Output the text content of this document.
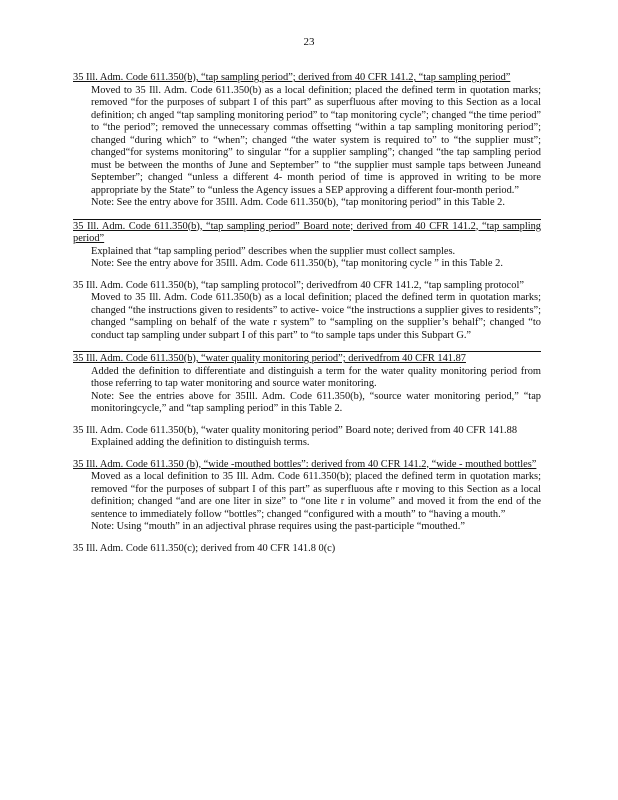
23
35 Ill. Adm. Code 611.350(b), “tap sampling period”; derived from 40 CFR 141.2, “tap sampling period”

Moved to 35 Ill. Adm. Code 611.350(b) as a local definition; placed the defined term in quotation marks; removed “for the purposes of subpart I of this part” as superfluous after moving to this Section as a local definition; ch anged “tap sampling monitoring period” to “tap monitoring cycle”; changed “the time period” to “the period”; removed the unnecessary commas offsetting “within a tap sampling monitoring period”; changed “during which” to “when”; changed “the water system is required to” to “the supplier must”; changed“for systems monitoring” to singular “for a supplier sampling”; changed “the tap sampling period must be between the months of June and September” to “the supplier must sample taps between Juneand September”; changed “unless a different 4- month period of time is approved in writing to be more appropriate by the State” to “unless the Agency issues a SEP approving a different four-month period.”

Note: See the entry above for 35Ill. Adm. Code 611.350(b), “tap monitoring period” in this Table 2.

35 Ill. Adm. Code 611.350(b), “tap sampling period” Board note; derived from 40 CFR 141.2, “tap sampling period”

Explained that “tap sampling period” describes when the supplier must collect samples.

Note: See the entry above for 35Ill. Adm. Code 611.350(b), “tap monitoring cycle ” in this Table 2.

35 Ill. Adm. Code 611.350(b), “tap sampling protocol”; derivedfrom 40 CFR 141.2, “tap sampling protocol”

Moved to 35 Ill. Adm. Code 611.350(b) as a local definition; placed the defined term in quotation marks; changed “the instructions given to residents” to active- voice “the instructions a supplier gives to residents”; changed “sampling on behalf of the wate r system” to “sampling on the supplier’s behalf”; changed “to conduct tap sampling under subpart I of this part” to “to sample taps under this Subpart G.”

35 Ill. Adm. Code 611.350(b), “water quality monitoring period”; derivedfrom 40 CFR 141.87

Added the definition to differentiate and distinguish a term for the water quality monitoring period from those referring to tap water monitoring and source water monitoring.

Note: See the entries above for 35Ill. Adm. Code 611.350(b), “source water monitoring period,” “tap monitoringcycle,” and “tap sampling period” in this Table 2.

35 Ill. Adm. Code 611.350(b), “water quality monitoring period” Board note; derived from 40 CFR 141.88

Explained adding the definition to distinguish terms.

35 Ill. Adm. Code 611.350 (b), “wide -mouthed bottles”: derived from 40 CFR 141.2, “wide - mouthed bottles”

Moved as a local definition to 35 Ill. Adm. Code 611.350(b); placed the defined term in quotation marks; removed “for the purposes of subpart I of this part” as superfluous afte r moving to this Section as a local definition; changed “and are one liter in size” to “one lite r in volume” and moved it from the end of the sentence to immediately follow “bottles”; changed “configured with a mouth” to “having a mouth.”

Note: Using “mouth” in an adjectival phrase requires using the past-participle “mouthed.”

35 Ill. Adm. Code 611.350(c); derived from 40 CFR 141.8 0(c)
